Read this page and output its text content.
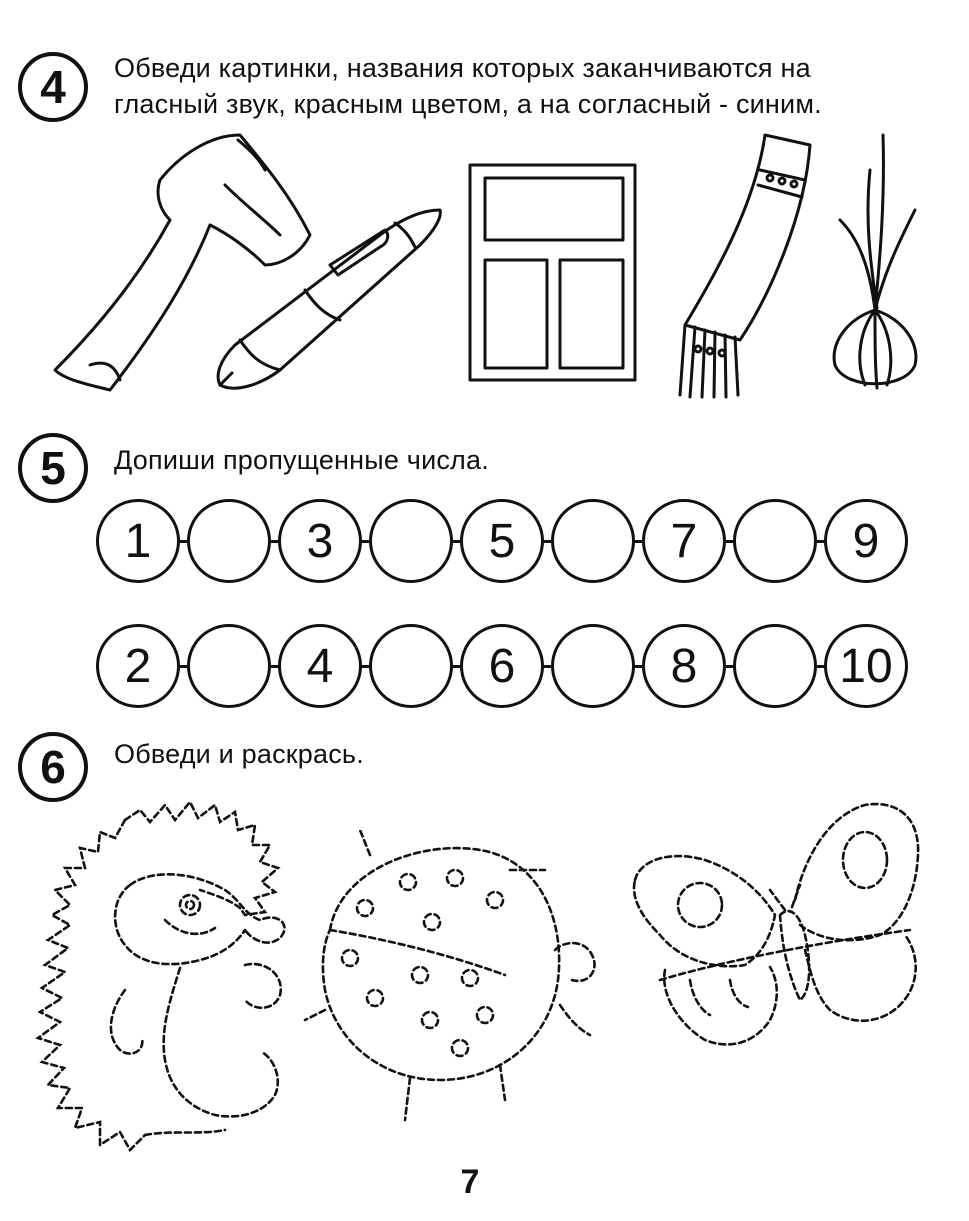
4	Обведи картинки, названия которых заканчиваются на
гласный звук, красным цветом, а на согласный - синим.
5	Допиши пропущенные числа.
1	3	5	7	9
2	4	6	8	10
6	Обведи и раскрась.
7
